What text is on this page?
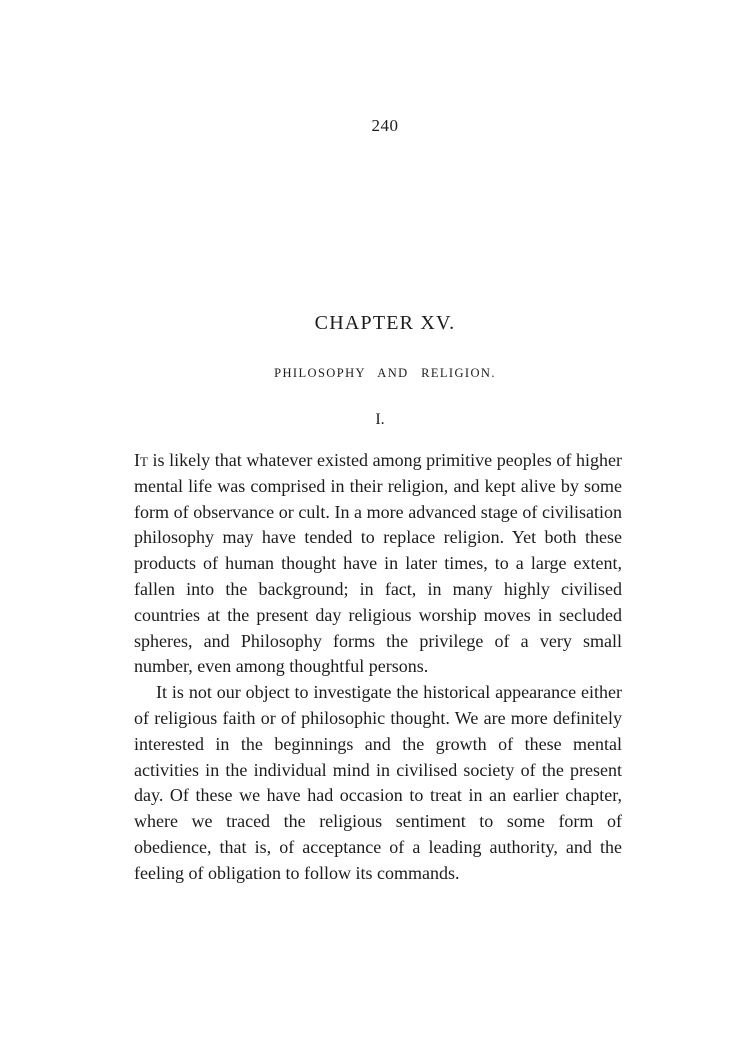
240
CHAPTER XV.
PHILOSOPHY AND RELIGION.
I.

It is likely that whatever existed among primitive peoples of higher mental life was comprised in their religion, and kept alive by some form of observance or cult. In a more advanced stage of civilisation philosophy may have tended to replace religion. Yet both these products of human thought have in later times, to a large extent, fallen into the background; in fact, in many highly civilised countries at the present day religious worship moves in secluded spheres, and Philosophy forms the privilege of a very small number, even among thoughtful persons.

It is not our object to investigate the historical appearance either of religious faith or of philosophic thought. We are more definitely interested in the beginnings and the growth of these mental activities in the individual mind in civilised society of the present day. Of these we have had occasion to treat in an earlier chapter, where we traced the religious sentiment to some form of obedience, that is, of acceptance of a leading authority, and the feeling of obligation to follow its commands.
